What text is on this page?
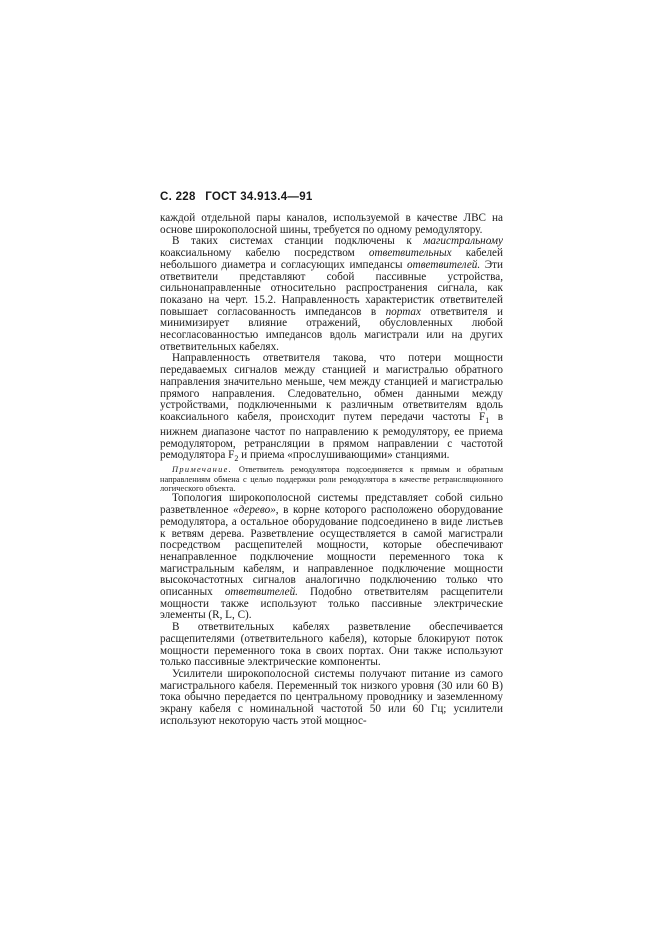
С. 228 ГОСТ 34.913.4—91

каждой отдельной пары каналов, используемой в качестве ЛВС на основе широкополосной шины, требуется по одному ремодулятору.

В таких системах станции подключены к магистральному коаксиальному кабелю посредством ответвительных кабелей небольшого диаметра и согласующих импедансы ответвителей. Эти ответвители представляют собой пассивные устройства, сильнонаправленные относительно распространения сигнала, как показано на черт. 15.2. Направленность характеристик ответвителей повышает согласованность импедансов в портах ответвителя и минимизирует влияние отражений, обусловленных любой несогласованностью импедансов вдоль магистрали или на других ответвительных кабелях.

Направленность ответвителя такова, что потери мощности передаваемых сигналов между станцией и магистралью обратного направления значительно меньше, чем между станцией и магистралью прямого направления. Следовательно, обмен данными между устройствами, подключенными к различным ответвителям вдоль коаксиального кабеля, происходит путем передачи частоты $F_1$ в нижнем диапазоне частот по направлению к ремодулятору, ее приема ремодулятором, ретрансляции в прямом направлении с частотой ремодулятора $F_2$ и приема «прослушивающими» станциями.

Примечание. Ответвитель ремодулятора подсоединяется к прямым и обратным направлениям обмена с целью поддержки роли ремодулятора в качестве ретрансляционного логического объекта.

Топология широкополосной системы представляет собой сильно разветвленное «дерево», в корне которого расположено оборудование ремодулятора, а остальное оборудование подсоединено в виде листьев к ветвям дерева. Разветвление осуществляется в самой магистрали посредством расщепителей мощности, которые обеспечивают ненаправленное подключение мощности переменного тока к магистральным кабелям, и направленное подключение мощности высокочастотных сигналов аналогично подключению только что описанных ответвителей. Подобно ответвителям расщепители мощности также используют только пассивные электрические элементы (R, L, C).

В ответвительных кабелях разветвление обеспечивается расщепителями (ответвительного кабеля), которые блокируют поток мощности переменного тока в своих портах. Они также используют только пассивные электрические компоненты.

Усилители широкополосной системы получают питание из самого магистрального кабеля. Переменный ток низкого уровня (30 или 60 В) тока обычно передается по центральному проводнику и заземленному экрану кабеля с номинальной частотой 50 или 60 Гц; усилители используют некоторую часть этой мощнос-
